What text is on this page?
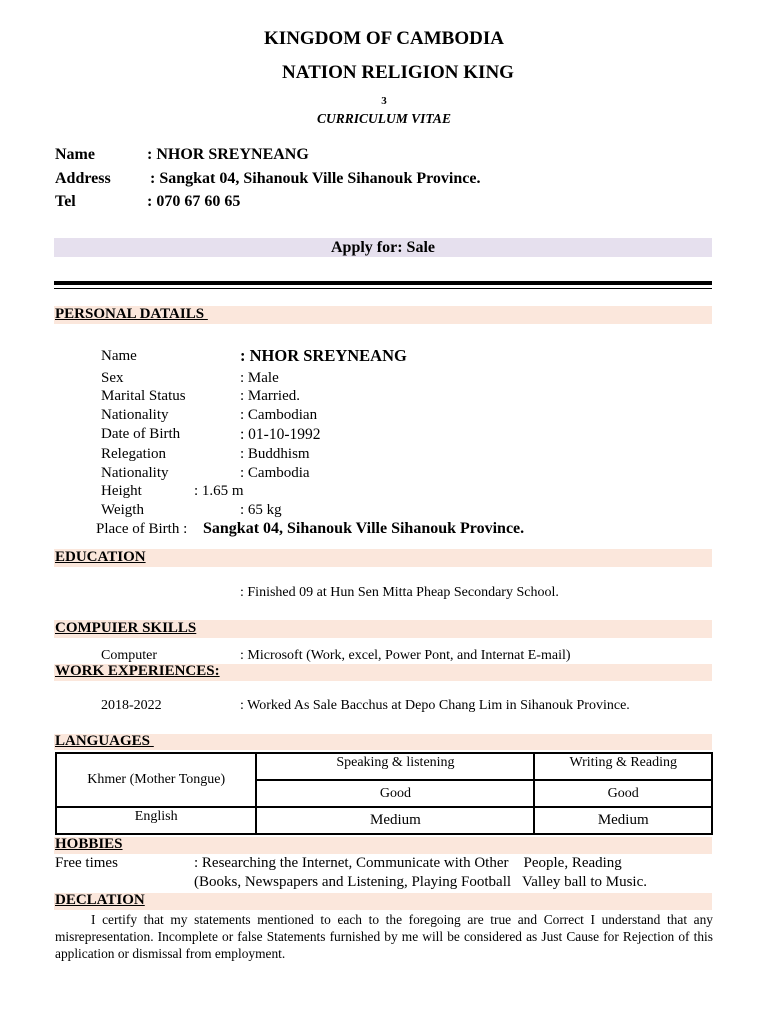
KINGDOM OF CAMBODIA
NATION RELIGION KING
3
CURRICULUM VITAE
Name	: NHOR SREYNEANG
Address : Sangkat 04, Sihanouk Ville Sihanouk Province.
Tel	: 070 67 60 65
Apply for: Sale
PERSONAL DATAILS
Name	: NHOR SREYNEANG
Sex	: Male
Marital Status	: Married.
Nationality	: Cambodian
Date of Birth	: 01-10-1992
Relegation	: Buddhism
Nationality	: Cambodia
Height	: 1.65 m
Weigth	: 65 kg
Place of Birth : Sangkat 04, Sihanouk Ville Sihanouk Province.
EDUCATION
: Finished 09 at Hun Sen Mitta Pheap Secondary School.
COMPUIER SKILLS
Computer	: Microsoft (Work, excel, Power Pont, and Internat E-mail)
WORK EXPERIENCES:
2018-2022	: Worked As Sale Bacchus at Depo Chang Lim in Sihanouk Province.
LANGUAGES
Khmer (Mother Tongue)	Speaking & listening	Writing & Reading
	Good	Good
English	Medium	Medium
HOBBIES
Free times	: Researching the Internet, Communicate with Other    People, Reading
(Books, Newspapers and Listening, Playing Football   Valley ball to Music.
DECLATION
I certify that my statements mentioned to each to the foregoing are true and Correct I understand that any misrepresentation. Incomplete or false Statements furnished by me will be considered as Just Cause for Rejection of this application or dismissal from employment.
